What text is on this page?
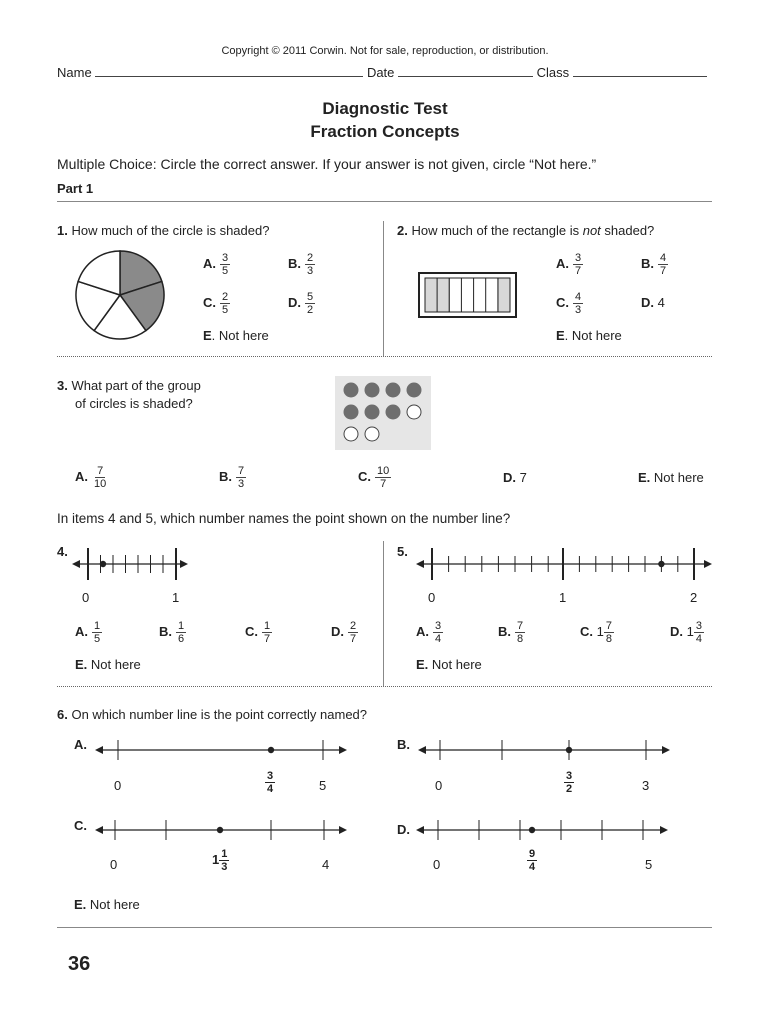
Copyright © 2011 Corwin. Not for sale, reproduction, or distribution.
Name	Date	Class
Diagnostic Test
Fraction Concepts
Multiple Choice: Circle the correct answer. If your answer is not given, circle “Not here.”
Part 1
1. How much of the circle is shaded?
A. $\frac{3}{5}$	B. $\frac{2}{3}$
C. $\frac{2}{5}$	D. $\frac{5}{2}$
E. Not here
2. How much of the rectangle is not shaded?
A. $\frac{3}{7}$	B. $\frac{4}{7}$
C. $\frac{4}{3}$	D. 4
E. Not here
3. What part of the group
of circles is shaded?
A. $\frac{7}{10}$	B. $\frac{7}{3}$	C. $\frac{10}{7}$	D. 7	E. Not here
In items 4 and 5, which number names the point shown on the number line?
4.
0	1
A. $\frac{1}{5}$	B. $\frac{1}{6}$	C. $\frac{1}{7}$	D. $\frac{2}{7}$
E. Not here
5.
0	1	2
A. $\frac{3}{4}$	B. $\frac{7}{8}$	C. $1 \frac{7}{8}$	D. $1 \frac{3}{4}$
E. Not here
6. On which number line is the point correctly named?
A.
0	$\frac{3}{4}$	5
B.
0	$\frac{3}{2}$	3
C.
0	$1 \frac{1}{3}$	4
D.
0	$\frac{9}{4}$	5
E. Not here
36
